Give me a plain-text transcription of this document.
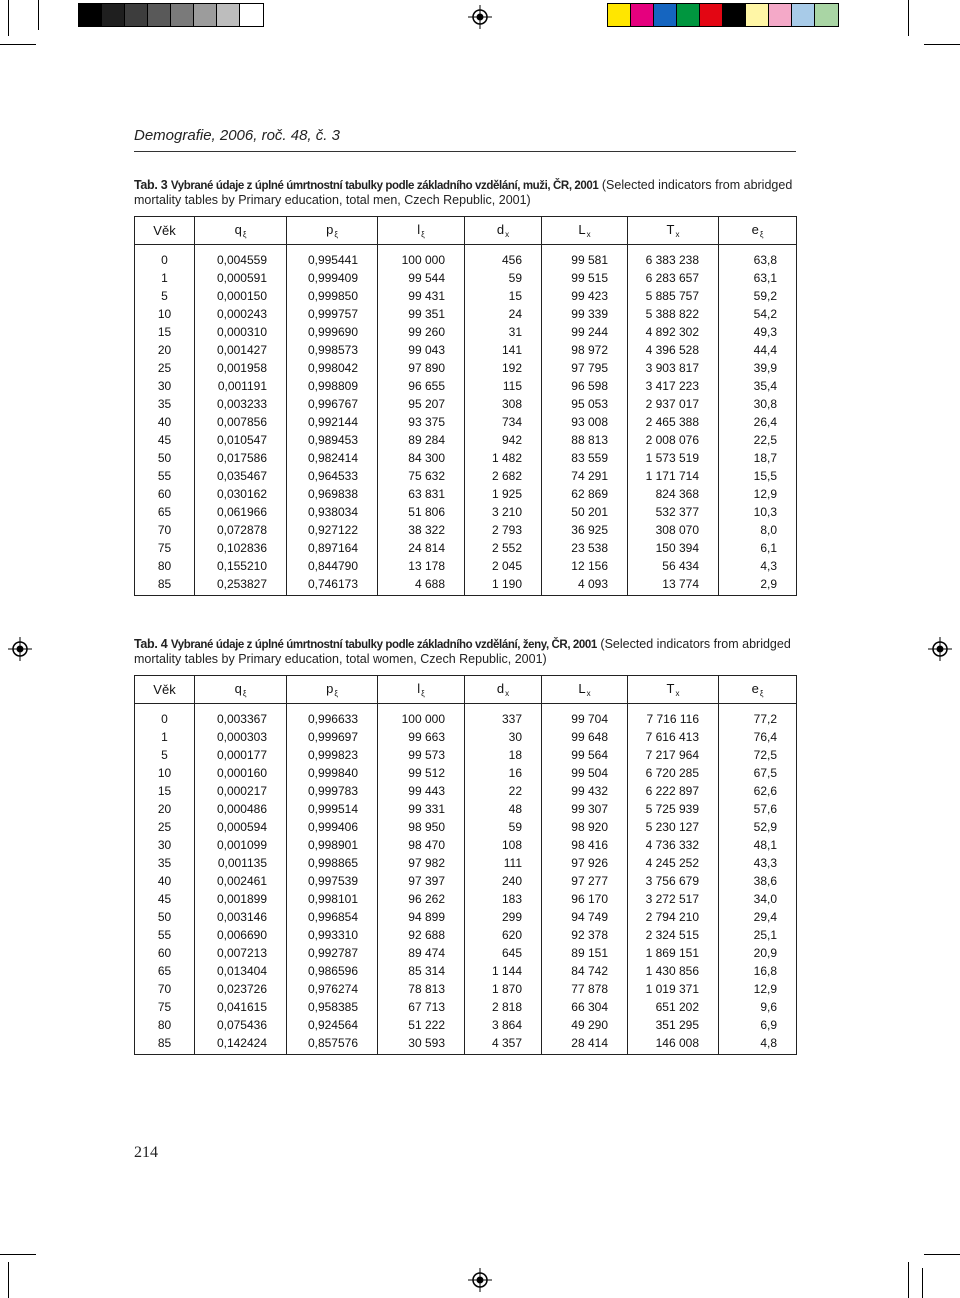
Demografie, 2006, roč. 48, č. 3
Tab. 3 Vybrané údaje z úplné úmrtnostní tabulky podle základního vzdělání, muži, ČR, 2001 (Selected indicators from abridged mortality tables by Primary education, total men, Czech Republic, 2001)
Věk	$q_\xi$	$p_\xi$	$l_\xi$	$d_x$	$L_x$	$T_x$	$e_\xi$
0	0,004559	0,995441	100 000	456	99 581	6 383 238	63,8
1	0,000591	0,999409	99 544	59	99 515	6 283 657	63,1
5	0,000150	0,999850	99 431	15	99 423	5 885 757	59,2
10	0,000243	0,999757	99 351	24	99 339	5 388 822	54,2
15	0,000310	0,999690	99 260	31	99 244	4 892 302	49,3
20	0,001427	0,998573	99 043	141	98 972	4 396 528	44,4
25	0,001958	0,998042	97 890	192	97 795	3 903 817	39,9
30	0,001191	0,998809	96 655	115	96 598	3 417 223	35,4
35	0,003233	0,996767	95 207	308	95 053	2 937 017	30,8
40	0,007856	0,992144	93 375	734	93 008	2 465 388	26,4
45	0,010547	0,989453	89 284	942	88 813	2 008 076	22,5
50	0,017586	0,982414	84 300	1 482	83 559	1 573 519	18,7
55	0,035467	0,964533	75 632	2 682	74 291	1 171 714	15,5
60	0,030162	0,969838	63 831	1 925	62 869	824 368	12,9
65	0,061966	0,938034	51 806	3 210	50 201	532 377	10,3
70	0,072878	0,927122	38 322	2 793	36 925	308 070	8,0
75	0,102836	0,897164	24 814	2 552	23 538	150 394	6,1
80	0,155210	0,844790	13 178	2 045	12 156	56 434	4,3
85	0,253827	0,746173	4 688	1 190	4 093	13 774	2,9
Tab. 4 Vybrané údaje z úplné úmrtnostní tabulky podle základního vzdělání, ženy, ČR, 2001 (Selected indicators from abridged mortality tables by Primary education, total women, Czech Republic, 2001)
Věk	$q_\xi$	$p_\xi$	$l_\xi$	$d_x$	$L_x$	$T_x$	$e_\xi$
0	0,003367	0,996633	100 000	337	99 704	7 716 116	77,2
1	0,000303	0,999697	99 663	30	99 648	7 616 413	76,4
5	0,000177	0,999823	99 573	18	99 564	7 217 964	72,5
10	0,000160	0,999840	99 512	16	99 504	6 720 285	67,5
15	0,000217	0,999783	99 443	22	99 432	6 222 897	62,6
20	0,000486	0,999514	99 331	48	99 307	5 725 939	57,6
25	0,000594	0,999406	98 950	59	98 920	5 230 127	52,9
30	0,001099	0,998901	98 470	108	98 416	4 736 332	48,1
35	0,001135	0,998865	97 982	111	97 926	4 245 252	43,3
40	0,002461	0,997539	97 397	240	97 277	3 756 679	38,6
45	0,001899	0,998101	96 262	183	96 170	3 272 517	34,0
50	0,003146	0,996854	94 899	299	94 749	2 794 210	29,4
55	0,006690	0,993310	92 688	620	92 378	2 324 515	25,1
60	0,007213	0,992787	89 474	645	89 151	1 869 151	20,9
65	0,013404	0,986596	85 314	1 144	84 742	1 430 856	16,8
70	0,023726	0,976274	78 813	1 870	77 878	1 019 371	12,9
75	0,041615	0,958385	67 713	2 818	66 304	651 202	9,6
80	0,075436	0,924564	51 222	3 864	49 290	351 295	6,9
85	0,142424	0,857576	30 593	4 357	28 414	146 008	4,8
214
